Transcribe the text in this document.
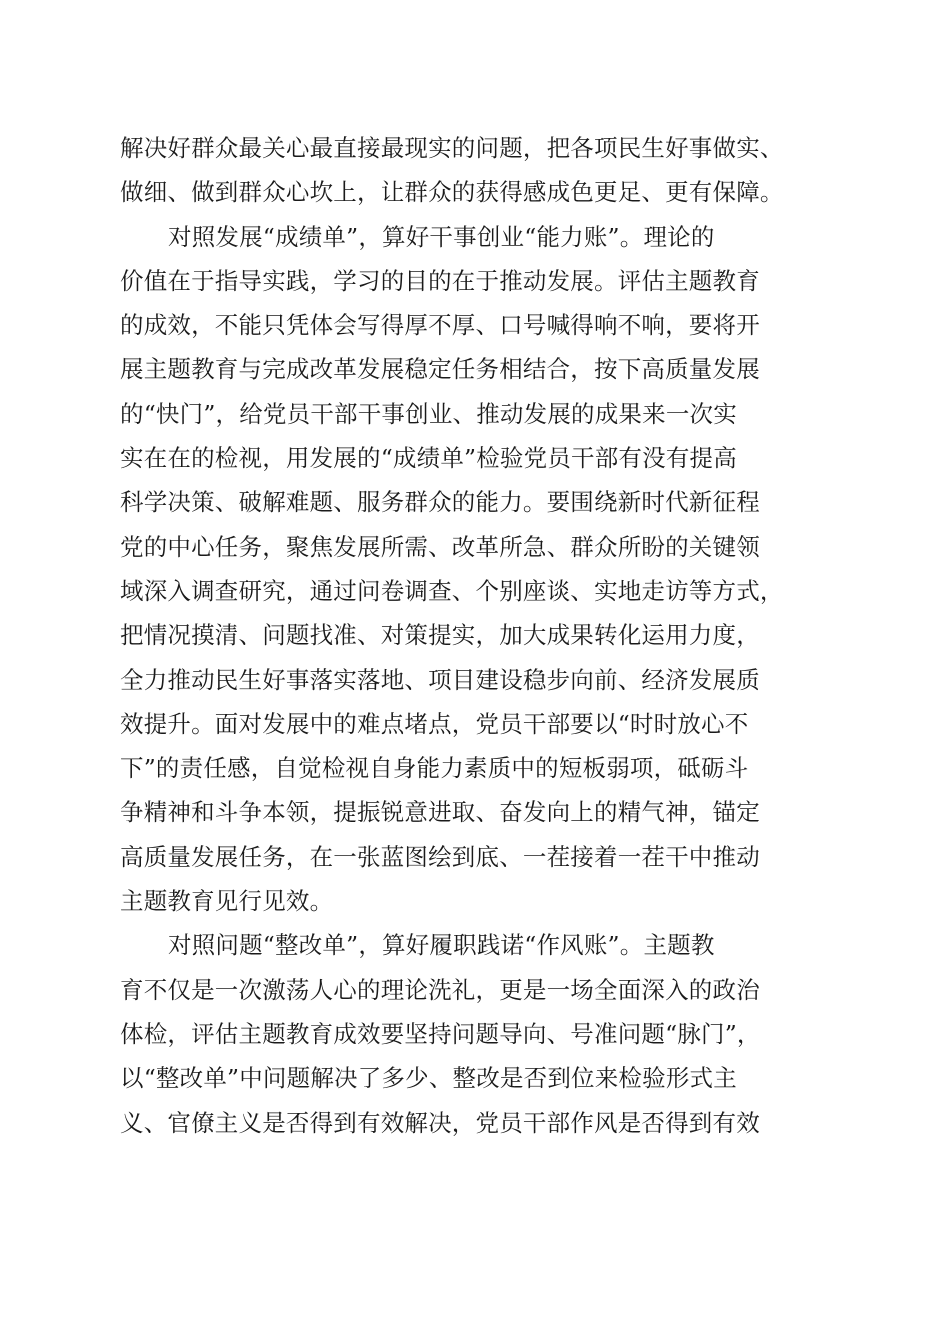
解决好群众最关心最直接最现实的问题，把各项民生好事做实、
做细、做到群众心坎上，让群众的获得感成色更足、更有保障。
对照发展“成绩单”，算好干事创业“能力账”。理论的
价值在于指导实践，学习的目的在于推动发展。评估主题教育
的成效，不能只凭体会写得厚不厚、口号喊得响不响，要将开
展主题教育与完成改革发展稳定任务相结合，按下高质量发展
的“快门”，给党员干部干事创业、推动发展的成果来一次实
实在在的检视，用发展的“成绩单”检验党员干部有没有提高
科学决策、破解难题、服务群众的能力。要围绕新时代新征程
党的中心任务，聚焦发展所需、改革所急、群众所盼的关键领
域深入调查研究，通过问卷调查、个别座谈、实地走访等方式，
把情况摸清、问题找准、对策提实，加大成果转化运用力度，
全力推动民生好事落实落地、项目建设稳步向前、经济发展质
效提升。面对发展中的难点堵点，党员干部要以“时时放心不
下”的责任感，自觉检视自身能力素质中的短板弱项，砥砺斗
争精神和斗争本领，提振锐意进取、奋发向上的精气神，锚定
高质量发展任务，在一张蓝图绘到底、一茬接着一茬干中推动
主题教育见行见效。
对照问题“整改单”，算好履职践诺“作风账”。主题教
育不仅是一次激荡人心的理论洗礼，更是一场全面深入的政治
体检，评估主题教育成效要坚持问题导向、号准问题“脉门”，
以“整改单”中问题解决了多少、整改是否到位来检验形式主
义、官僚主义是否得到有效解决，党员干部作风是否得到有效
